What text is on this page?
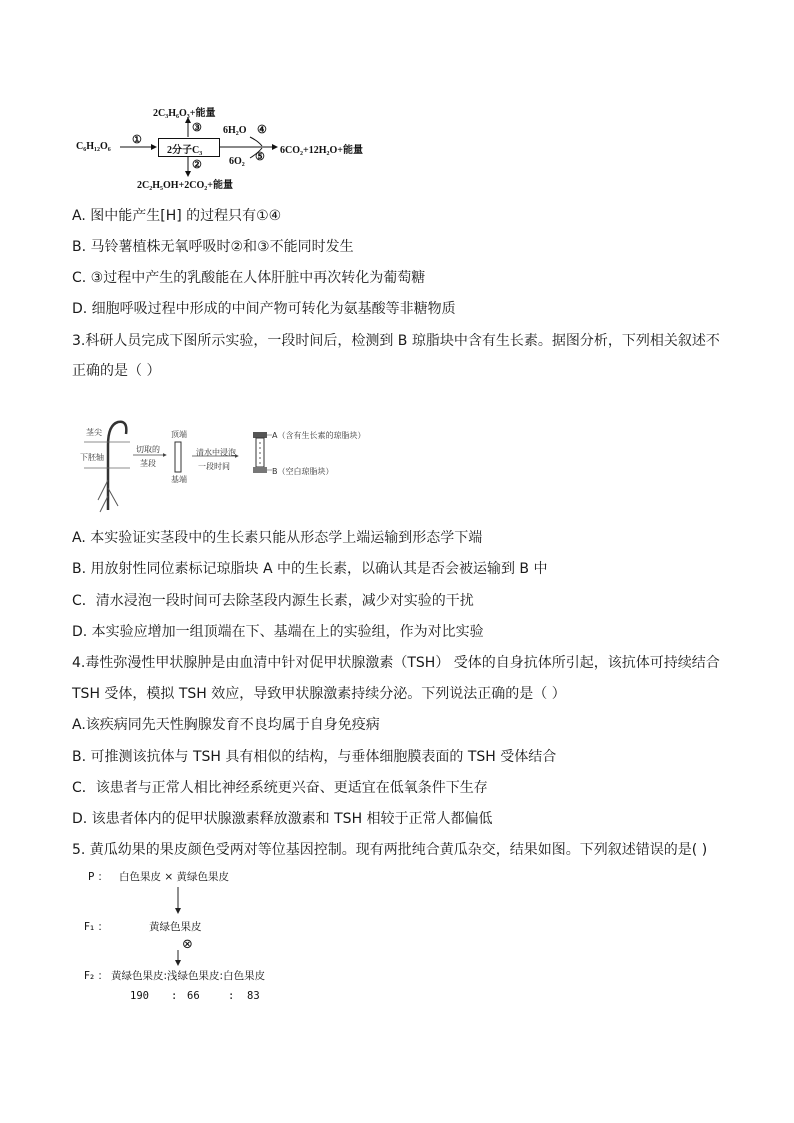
2C₃H₆O₃+能量
③
C₆H₁₂O₆
①
2分子C₃
6H₂O ④
6O₂ ⑤
6CO₂+12H₂O+能量
②
2C₂H₅OH+2CO₂+能量
A. 图中能产生[H] 的过程只有①④
B. 马铃薯植株无氧呼吸时②和③不能同时发生
C. ③过程中产生的乳酸能在人体肝脏中再次转化为葡萄糖
D. 细胞呼吸过程中形成的中间产物可转化为氨基酸等非糖物质
3.科研人员完成下图所示实验，一段时间后，检测到 B 琼脂块中含有生长素。据图分析，下列相关叙述不
正确的是（ ）
茎尖
下胚轴
切取的
茎段
顶端
基端
清水中浸泡
一段时间
A（含有生长素的琼脂块）
B（空白琼脂块）
A. 本实验证实茎段中的生长素只能从形态学上端运输到形态学下端
B. 用放射性同位素标记琼脂块 A 中的生长素，以确认其是否会被运输到 B 中
C．清水浸泡一段时间可去除茎段内源生长素，减少对实验的干扰
D. 本实验应增加一组顶端在下、基端在上的实验组，作为对比实验
4.毒性弥漫性甲状腺肿是由血清中针对促甲状腺激素（TSH） 受体的自身抗体所引起，该抗体可持续结合
TSH 受体，模拟 TSH 效应，导致甲状腺激素持续分泌。下列说法正确的是（ ）
A.该疾病同先天性胸腺发育不良均属于自身免疫病
B. 可推测该抗体与 TSH 具有相似的结构，与垂体细胞膜表面的 TSH 受体结合
C．该患者与正常人相比神经系统更兴奋、更适宜在低氧条件下生存
D. 该患者体内的促甲状腺激素释放激素和 TSH 相较于正常人都偏低
5. 黄瓜幼果的果皮颜色受两对等位基因控制。现有两批纯合黄瓜杂交，结果如图。下列叙述错误的是( )
P ： 白色果皮 × 黄绿色果皮
F₁ ：	黄绿色果皮
⊗
F₂ ： 黄绿色果皮:浅绿色果皮:白色果皮
190 : 66	: 83
